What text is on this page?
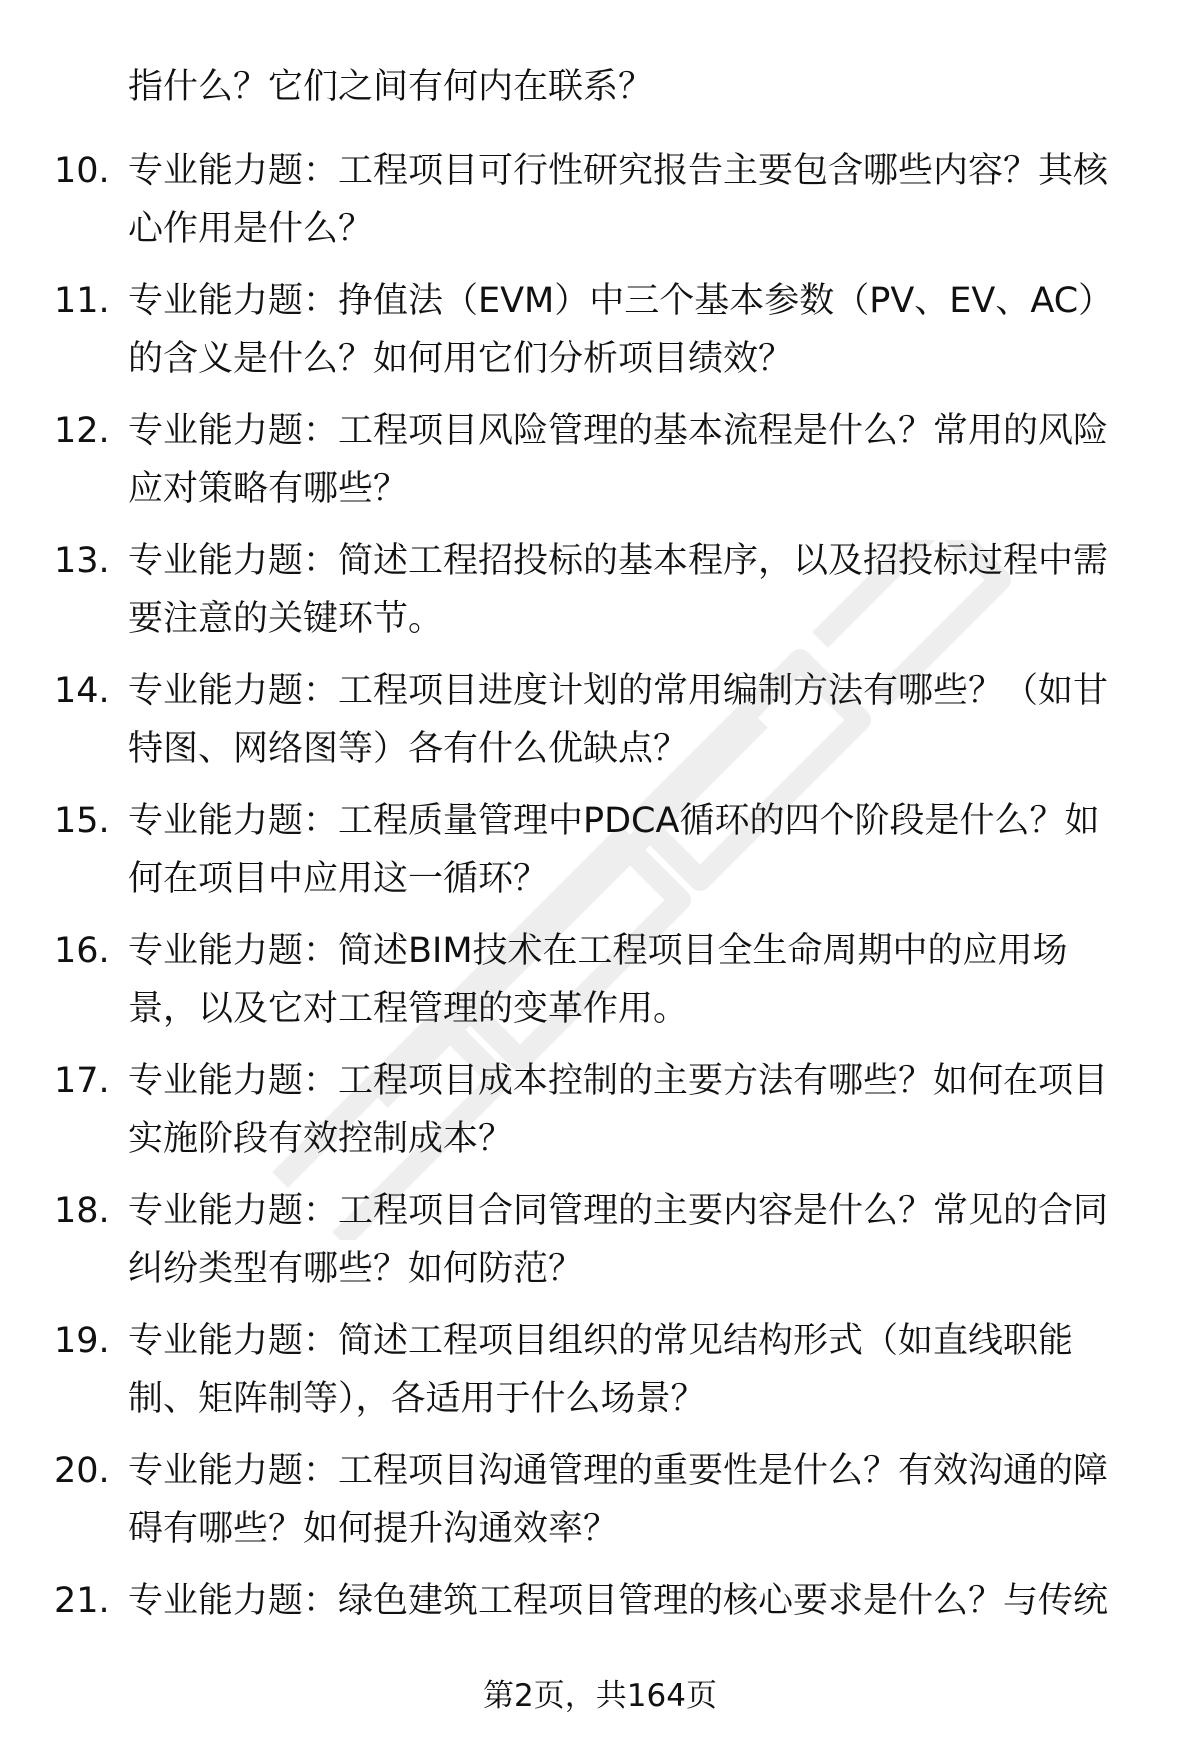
指什么？它们之间有何内在联系？
10. 专业能力题：工程项目可行性研究报告主要包含哪些内容？其核
心作用是什么？
11. 专业能力题：挣值法（EVM）中三个基本参数（PV、EV、AC）
的含义是什么？如何用它们分析项目绩效？
12. 专业能力题：工程项目风险管理的基本流程是什么？常用的风险
应对策略有哪些？
13. 专业能力题：简述工程招投标的基本程序，以及招投标过程中需
要注意的关键环节。
14. 专业能力题：工程项目进度计划的常用编制方法有哪些？（如甘
特图、网络图等）各有什么优缺点？
15. 专业能力题：工程质量管理中PDCA循环的四个阶段是什么？如
何在项目中应用这一循环？
16. 专业能力题：简述BIM技术在工程项目全生命周期中的应用场
景，以及它对工程管理的变革作用。
17. 专业能力题：工程项目成本控制的主要方法有哪些？如何在项目
实施阶段有效控制成本？
18. 专业能力题：工程项目合同管理的主要内容是什么？常见的合同
纠纷类型有哪些？如何防范？
19. 专业能力题：简述工程项目组织的常见结构形式（如直线职能
制、矩阵制等），各适用于什么场景？
20. 专业能力题：工程项目沟通管理的重要性是什么？有效沟通的障
碍有哪些？如何提升沟通效率？
21. 专业能力题：绿色建筑工程项目管理的核心要求是什么？与传统
第2页，共164页
